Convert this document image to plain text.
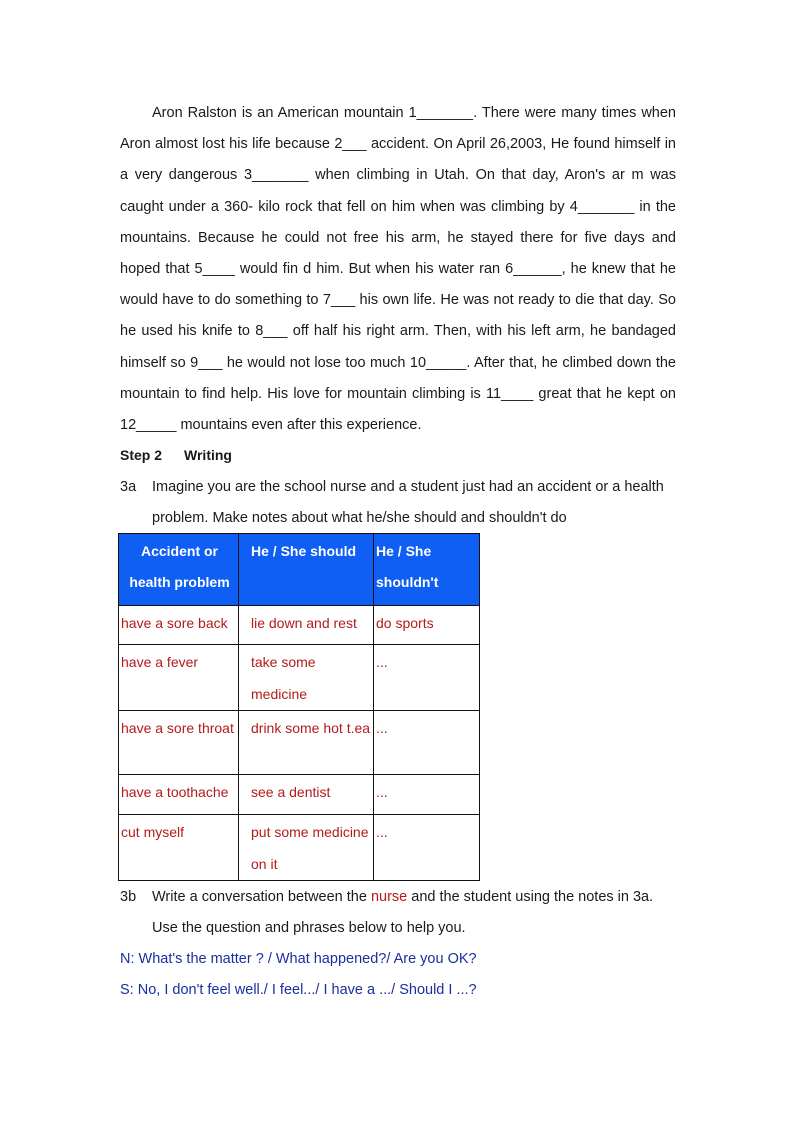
Aron Ralston is an American mountain 1_______. There were many times when Aron almost lost his life because 2___ accident. On April 26,2003, He found himself in a very dangerous 3_______ when climbing in Utah. On that day, Aron's ar m was caught under a 360- kilo rock that fell on him when was climbing by 4_______ in the mountains. Because he could not free his arm, he stayed there for five days and hoped that 5____ would fin d him. But when his water ran 6______, he knew that he would have to do something to 7___ his own life. He was not ready to die that day. So he used his knife to 8___ off half his right arm. Then, with his left arm, he bandaged himself so 9___ he would not lose too much 10_____. After that, he climbed down the mountain to find help. His love for mountain climbing is 11____ great that he kept on 12_____ mountains even after this experience.

Step 2 Writing
3a Imagine you are the school nurse and a student just had an accident or a health problem. Make notes about what he/she should and shouldn't do
Accident or health problem	He / She should	He / She shouldn't
have a sore back	lie down and rest	do sports
have a fever	take some medicine	...
have a sore throat	drink some hot t.ea	...
have a toothache	see a dentist	...
cut myself	put some medicine on it	...
3b Write a conversation between the nurse and the student using the notes in 3a. Use the question and phrases below to help you.
N: What's the matter ? / What happened?/ Are you OK?
S: No, I don't feel well./ I feel.../ I have a .../ Should I ...?
